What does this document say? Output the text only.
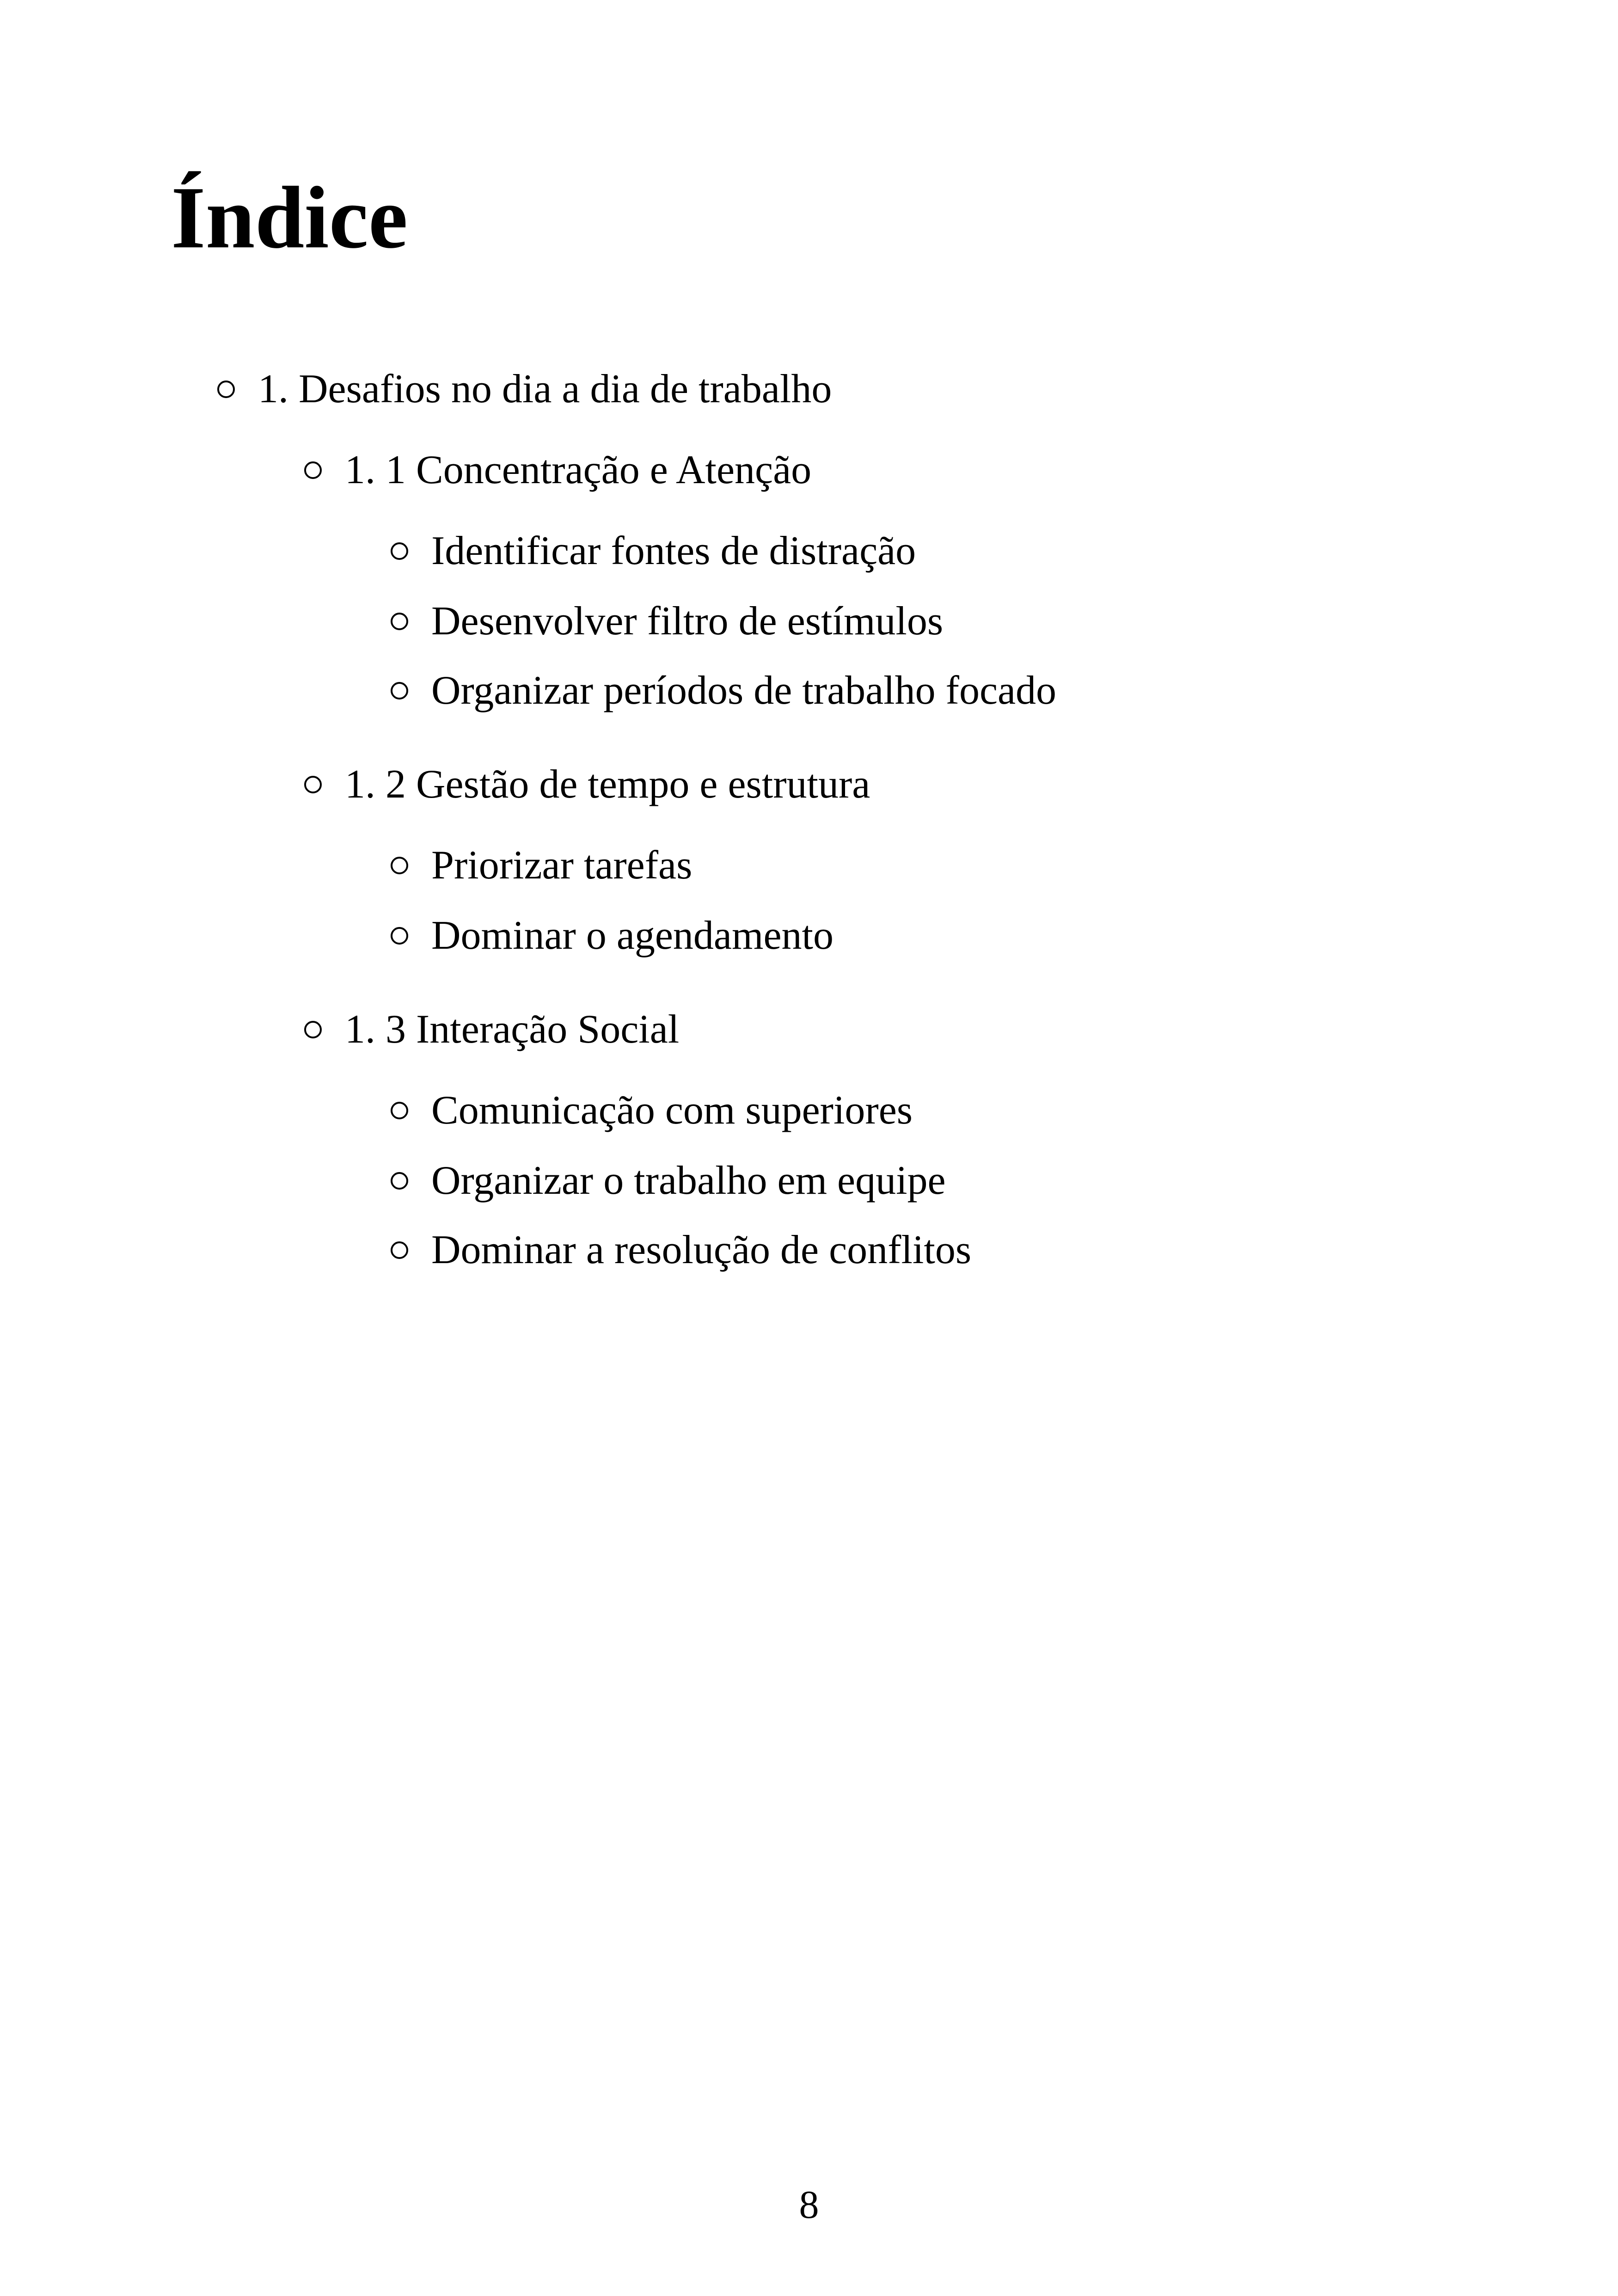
Índice
1. Desafios no dia a dia de trabalho
1. 1 Concentração e Atenção
Identificar fontes de distração
Desenvolver filtro de estímulos
Organizar períodos de trabalho focado
1. 2 Gestão de tempo e estrutura
Priorizar tarefas
Dominar o agendamento
1. 3 Interação Social
Comunicação com superiores
Organizar o trabalho em equipe
Dominar a resolução de conflitos
8
